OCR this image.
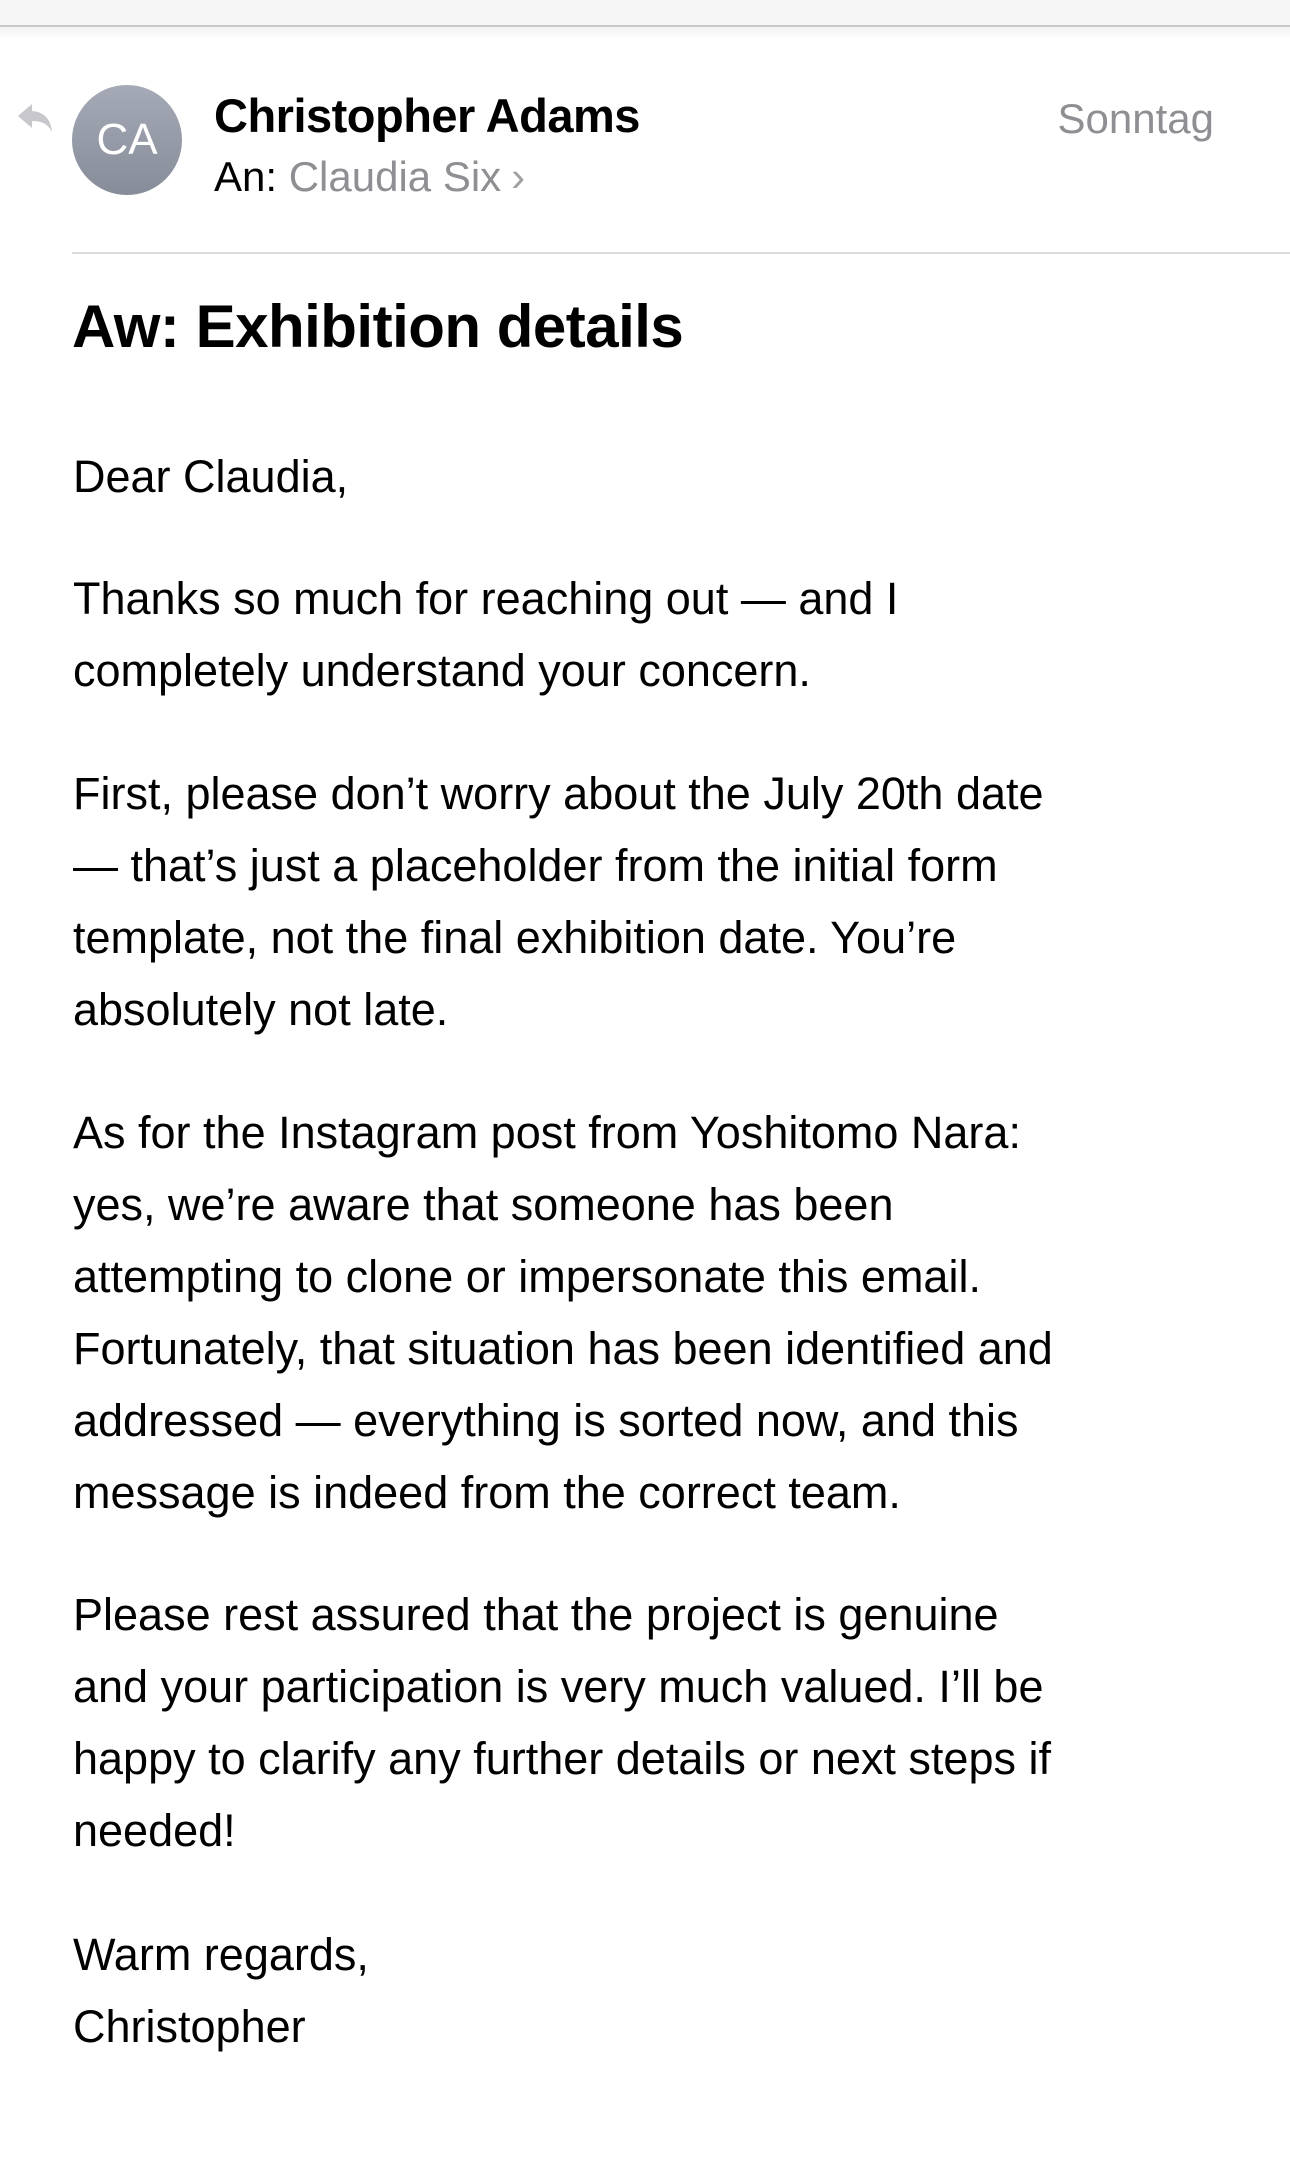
CA Christopher Adams
An: Claudia Six ›
Sonntag
Aw: Exhibition details
Dear Claudia,
Thanks so much for reaching out — and I
completely understand your concern.
First, please don’t worry about the July 20th date
— that’s just a placeholder from the initial form
template, not the final exhibition date. You’re
absolutely not late.
As for the Instagram post from Yoshitomo Nara:
yes, we’re aware that someone has been
attempting to clone or impersonate this email.
Fortunately, that situation has been identified and
addressed — everything is sorted now, and this
message is indeed from the correct team.
Please rest assured that the project is genuine
and your participation is very much valued. I’ll be
happy to clarify any further details or next steps if
needed!
Warm regards,
Christopher
